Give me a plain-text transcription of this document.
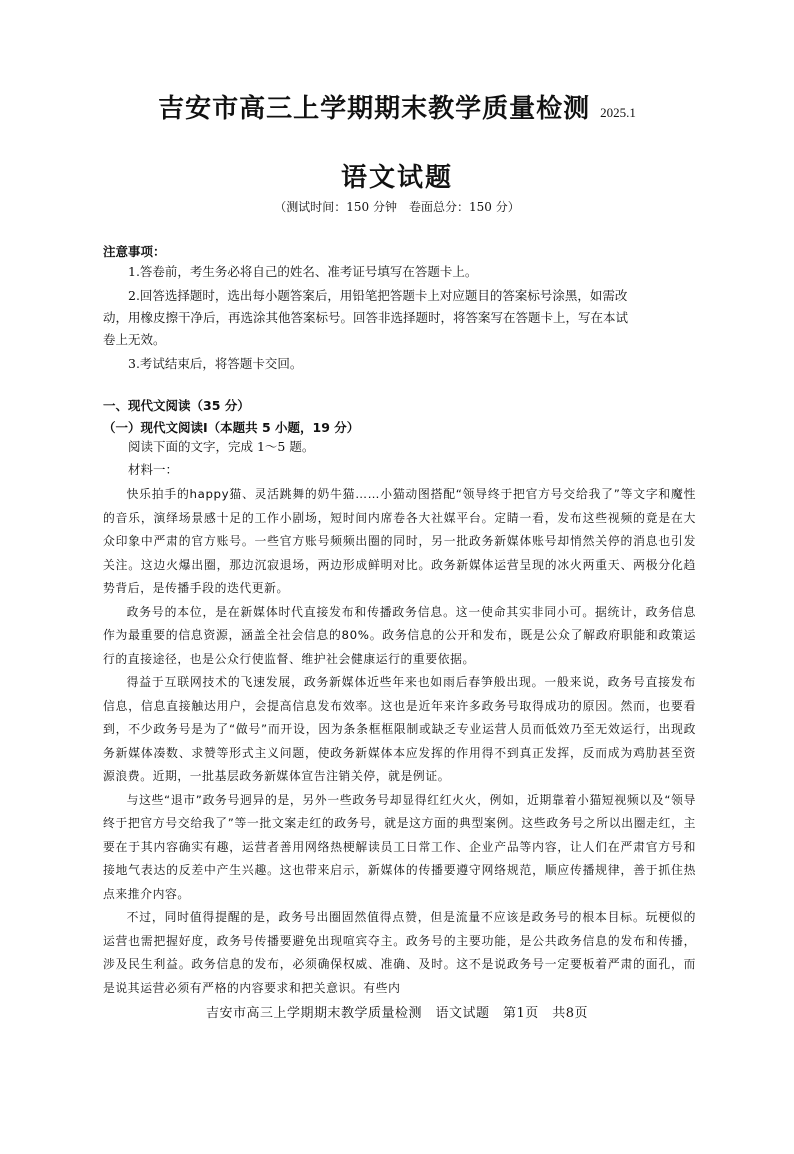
吉安市高三上学期期末教学质量检测 2025.1
语文试题
（测试时间：150 分钟　卷面总分：150 分）
注意事项：
1.答卷前，考生务必将自己的姓名、准考证号填写在答题卡上。
2.回答选择题时，选出每小题答案后，用铅笔把答题卡上对应题目的答案标号涂黑，如需改
动，用橡皮擦干净后，再选涂其他答案标号。回答非选择题时，将答案写在答题卡上，写在本试
卷上无效。
3.考试结束后，将答题卡交回。
一、现代文阅读（35 分）
（一）现代文阅读Ⅰ（本题共 5 小题，19 分）
阅读下面的文字，完成 1～5 题。
材料一：

快乐拍手的happy猫、灵活跳舞的奶牛猫……小猫动图搭配“领导终于把官方号交给我了”等文字和魔性的音乐，演绎场景感十足的工作小剧场，短时间内席卷各大社媒平台。定睛一看，发布这些视频的竟是在大众印象中严肃的官方账号。一些官方账号频频出圈的同时，另一批政务新媒体账号却悄然关停的消息也引发关注。这边火爆出圈，那边沉寂退场，两边形成鲜明对比。政务新媒体运营呈现的冰火两重天、两极分化趋势背后，是传播手段的迭代更新。

政务号的本位，是在新媒体时代直接发布和传播政务信息。这一使命其实非同小可。据统计，政务信息作为最重要的信息资源，涵盖全社会信息的80%。政务信息的公开和发布，既是公众了解政府职能和政策运行的直接途径，也是公众行使监督、维护社会健康运行的重要依据。

得益于互联网技术的飞速发展，政务新媒体近些年来也如雨后春笋般出现。一般来说，政务号直接发布信息，信息直接触达用户，会提高信息发布效率。这也是近年来许多政务号取得成功的原因。然而，也要看到，不少政务号是为了“做号”而开设，因为条条框框限制或缺乏专业运营人员而低效乃至无效运行，出现政务新媒体凑数、求赞等形式主义问题，使政务新媒体本应发挥的作用得不到真正发挥，反而成为鸡肋甚至资源浪费。近期，一批基层政务新媒体宣告注销关停，就是例证。

与这些“退市”政务号迥异的是，另外一些政务号却显得红红火火，例如，近期靠着小猫短视频以及“领导终于把官方号交给我了”等一批文案走红的政务号，就是这方面的典型案例。这些政务号之所以出圈走红，主要在于其内容确实有趣，运营者善用网络热梗解读员工日常工作、企业产品等内容，让人们在严肃官方号和接地气表达的反差中产生兴趣。这也带来启示，新媒体的传播要遵守网络规范，顺应传播规律，善于抓住热点来推介内容。

不过，同时值得提醒的是，政务号出圈固然值得点赞，但是流量不应该是政务号的根本目标。玩梗似的运营也需把握好度，政务号传播要避免出现喧宾夺主。政务号的主要功能，是公共政务信息的发布和传播，涉及民生利益。政务信息的发布，必须确保权威、准确、及时。这不是说政务号一定要板着严肃的面孔，而是说其运营必须有严格的内容要求和把关意识。有些内

吉安市高三上学期期末教学质量检测　语文试题　第1页　共8页
